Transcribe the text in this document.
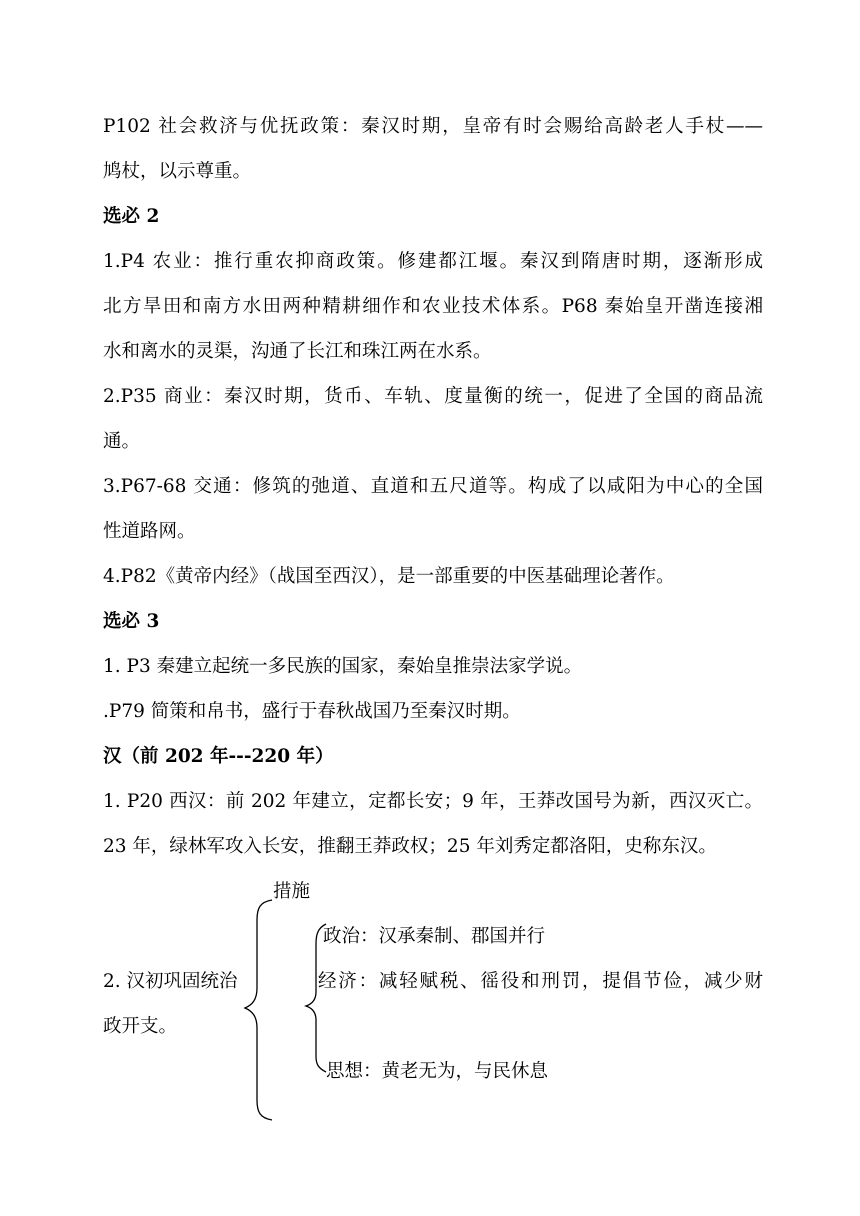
P102 社会救济与优抚政策：秦汉时期，皇帝有时会赐给高龄老人手杖——
鸠杖，以示尊重。
选必 2
1.P4 农业：推行重农抑商政策。修建都江堰。秦汉到隋唐时期，逐渐形成
北方旱田和南方水田两种精耕细作和农业技术体系。P68 秦始皇开凿连接湘
水和离水的灵渠，沟通了长江和珠江两在水系。
2.P35 商业：秦汉时期，货币、车轨、度量衡的统一，促进了全国的商品流
通。
3.P67-68 交通：修筑的弛道、直道和五尺道等。构成了以咸阳为中心的全国
性道路网。
4.P82《黄帝内经》（战国至西汉），是一部重要的中医基础理论著作。
选必 3
1. P3 秦建立起统一多民族的国家，秦始皇推崇法家学说。
.P79 简策和帛书，盛行于春秋战国乃至秦汉时期。
汉（前 202 年---220 年）
1. P20 西汉：前 202 年建立，定都长安；9 年，王莽改国号为新，西汉灭亡。
23 年，绿林军攻入长安，推翻王莽政权；25 年刘秀定都洛阳，史称东汉。
措施
政治：汉承秦制、郡国并行
2. 汉初巩固统治	经济：减轻赋税、徭役和刑罚，提倡节俭，减少财
政开支。
思想：黄老无为，与民休息
